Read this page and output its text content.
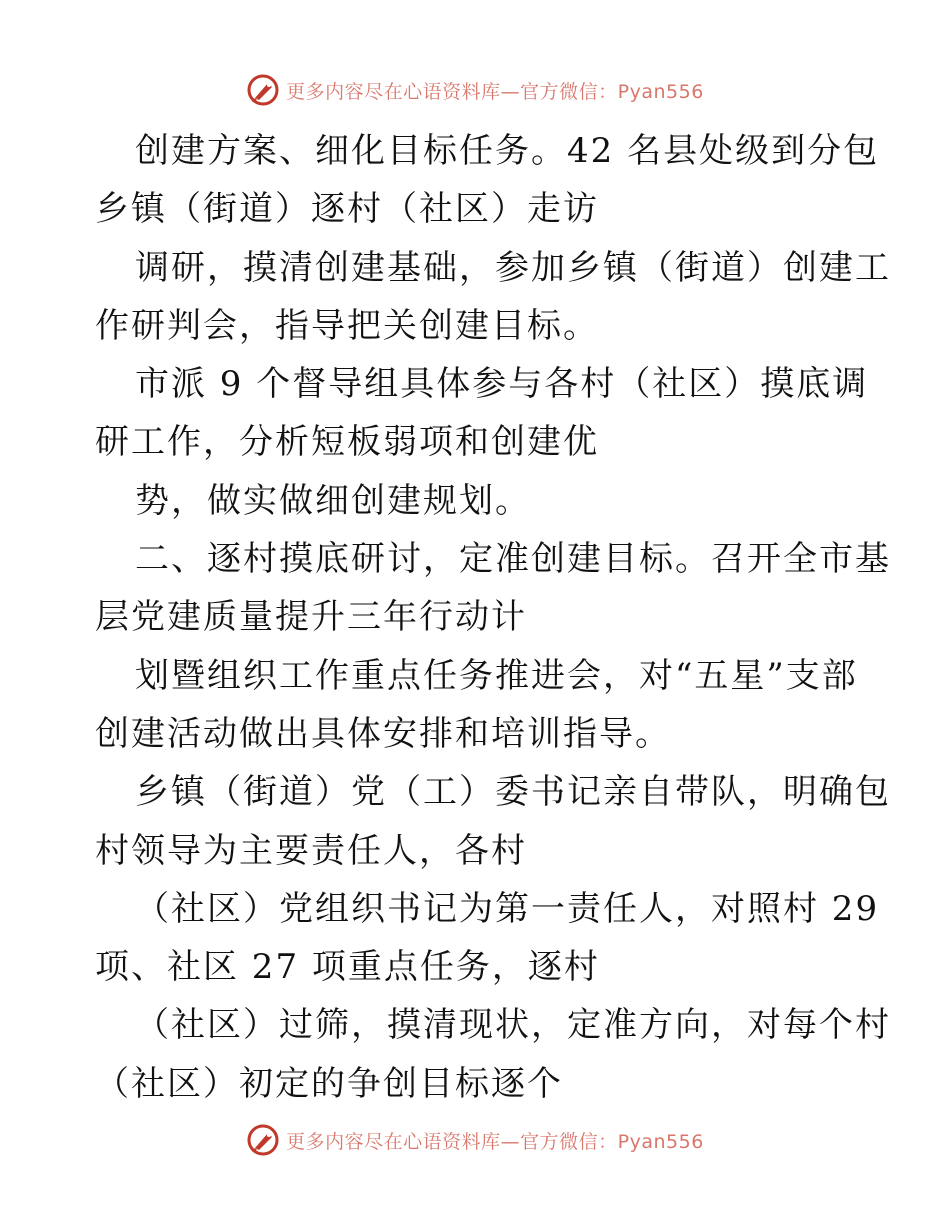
更多内容尽在心语资料库—官方微信：Pyan556
创建方案、细化目标任务。42 名县处级到分包
乡镇（街道）逐村（社区）走访
调研，摸清创建基础，参加乡镇（街道）创建工
作研判会，指导把关创建目标。
市派 9 个督导组具体参与各村（社区）摸底调
研工作，分析短板弱项和创建优
势，做实做细创建规划。
二、逐村摸底研讨，定准创建目标。召开全市基
层党建质量提升三年行动计
划暨组织工作重点任务推进会，对“五星”支部
创建活动做出具体安排和培训指导。
乡镇（街道）党（工）委书记亲自带队，明确包
村领导为主要责任人，各村
（社区）党组织书记为第一责任人，对照村 29
项、社区 27 项重点任务，逐村
（社区）过筛，摸清现状，定准方向，对每个村
（社区）初定的争创目标逐个
更多内容尽在心语资料库—官方微信：Pyan556
